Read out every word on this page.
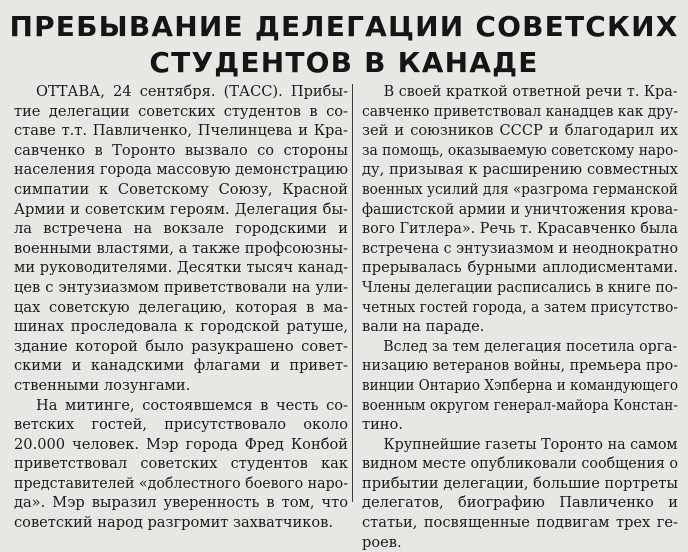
ПРЕБЫВАНИЕ ДЕЛЕГАЦИИ СОВЕТСКИХ
СТУДЕНТОВ В КАНАДЕ
ОТТАВА, 24 сентября. (ТАСС). Прибы-
тие делегации советских студентов в со-
ставе т.т. Павличенко, Пчелинцева и Кра-
савченко в Торонто вызвало со стороны
населения города массовую демонстрацию
симпатии к Советскому Союзу, Красной
Армии и советским героям. Делегация бы-
ла встречена на вокзале городскими и
военными властями, а также профсоюзны-
ми руководителями. Десятки тысяч канад-
цев с энтузиазмом приветствовали на ули-
цах советскую делегацию, которая в ма-
шинах проследовала к городской ратуше,
здание которой было разукрашено совет-
скими и канадскими флагами и привет-
ственными лозунгами.
На митинге, состоявшемся в честь со-
ветских гостей, присутствовало около
20.000 человек. Мэр города Фред Конбой
приветствовал советских студентов как
представителей «доблестного боевого наро-
да». Мэр выразил уверенность в том, что
советский народ разгромит захватчиков.
В своей краткой ответной речи т. Кра-
савченко приветствовал канадцев как дру-
зей и союзников СССР и благодарил их
за помощь, оказываемую советскому наро-
ду, призывая к расширению совместных
военных усилий для «разгрома германской
фашистской армии и уничтожения крова-
вого Гитлера». Речь т. Красавченко была
встречена с энтузиазмом и неоднократно
прерывалась бурными аплодисментами.
Члены делегации расписались в книге по-
четных гостей города, а затем присутство-
вали на параде.
Вслед за тем делегация посетила орга-
низацию ветеранов войны, премьера про-
винции Онтарио Хэпберна и командующего
военным округом генерал-майора Констан-
тино.
Крупнейшие газеты Торонто на самом
видном месте опубликовали сообщения о
прибытии делегации, большие портреты
делегатов, биографию Павличенко и
статьи, посвященные подвигам трех ге-
роев.
